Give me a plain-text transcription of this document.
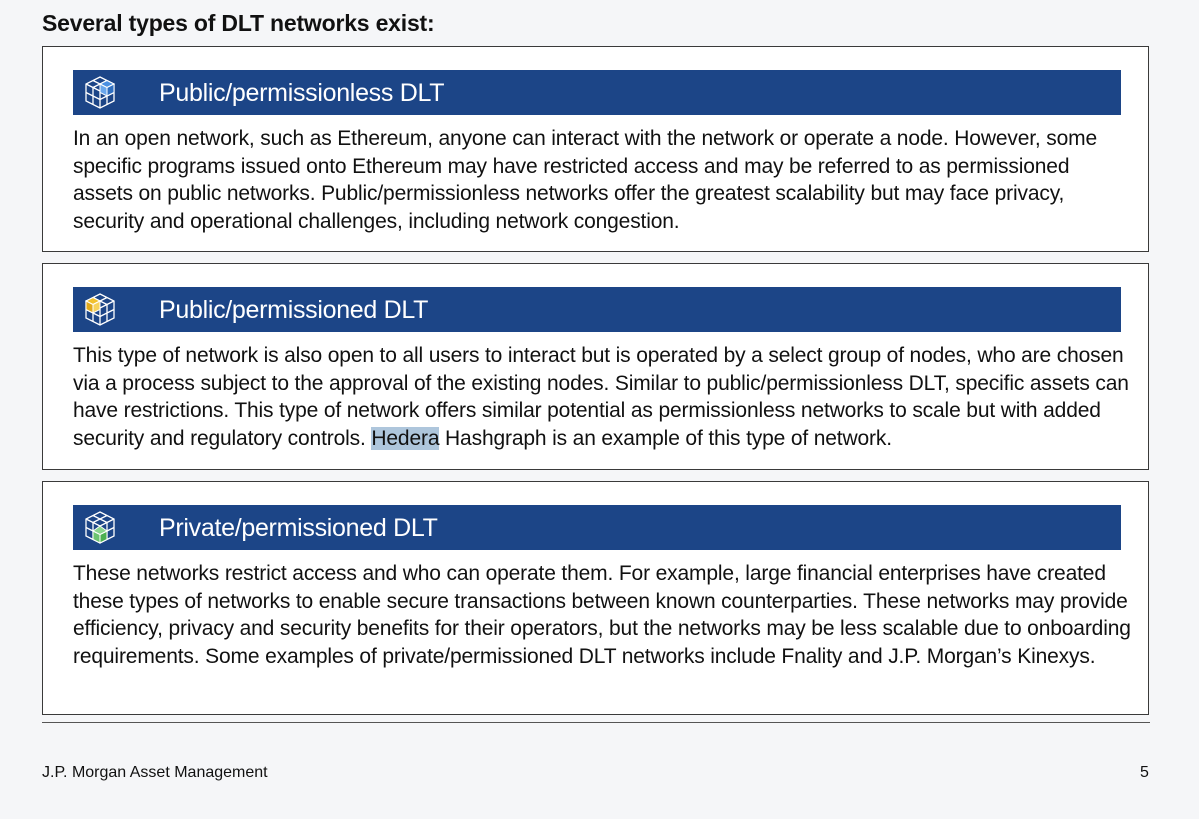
Several types of DLT networks exist:
Public/permissionless DLT
In an open network, such as Ethereum, anyone can interact with the network or operate a node. However, some specific programs issued onto Ethereum may have restricted access and may be referred to as permissioned assets on public networks. Public/permissionless networks offer the greatest scalability but may face privacy, security and operational challenges, including network congestion.
Public/permissioned DLT
This type of network is also open to all users to interact but is operated by a select group of nodes, who are chosen via a process subject to the approval of the existing nodes. Similar to public/permissionless DLT, specific assets can have restrictions. This type of network offers similar potential as permissionless networks to scale but with added security and regulatory controls. Hedera Hashgraph is an example of this type of network.
Private/permissioned DLT
These networks restrict access and who can operate them. For example, large financial enterprises have created these types of networks to enable secure transactions between known counterparties. These networks may provide efficiency, privacy and security benefits for their operators, but the networks may be less scalable due to onboarding requirements. Some examples of private/permissioned DLT networks include Fnality and J.P. Morgan’s Kinexys.
J.P. Morgan Asset Management	5
